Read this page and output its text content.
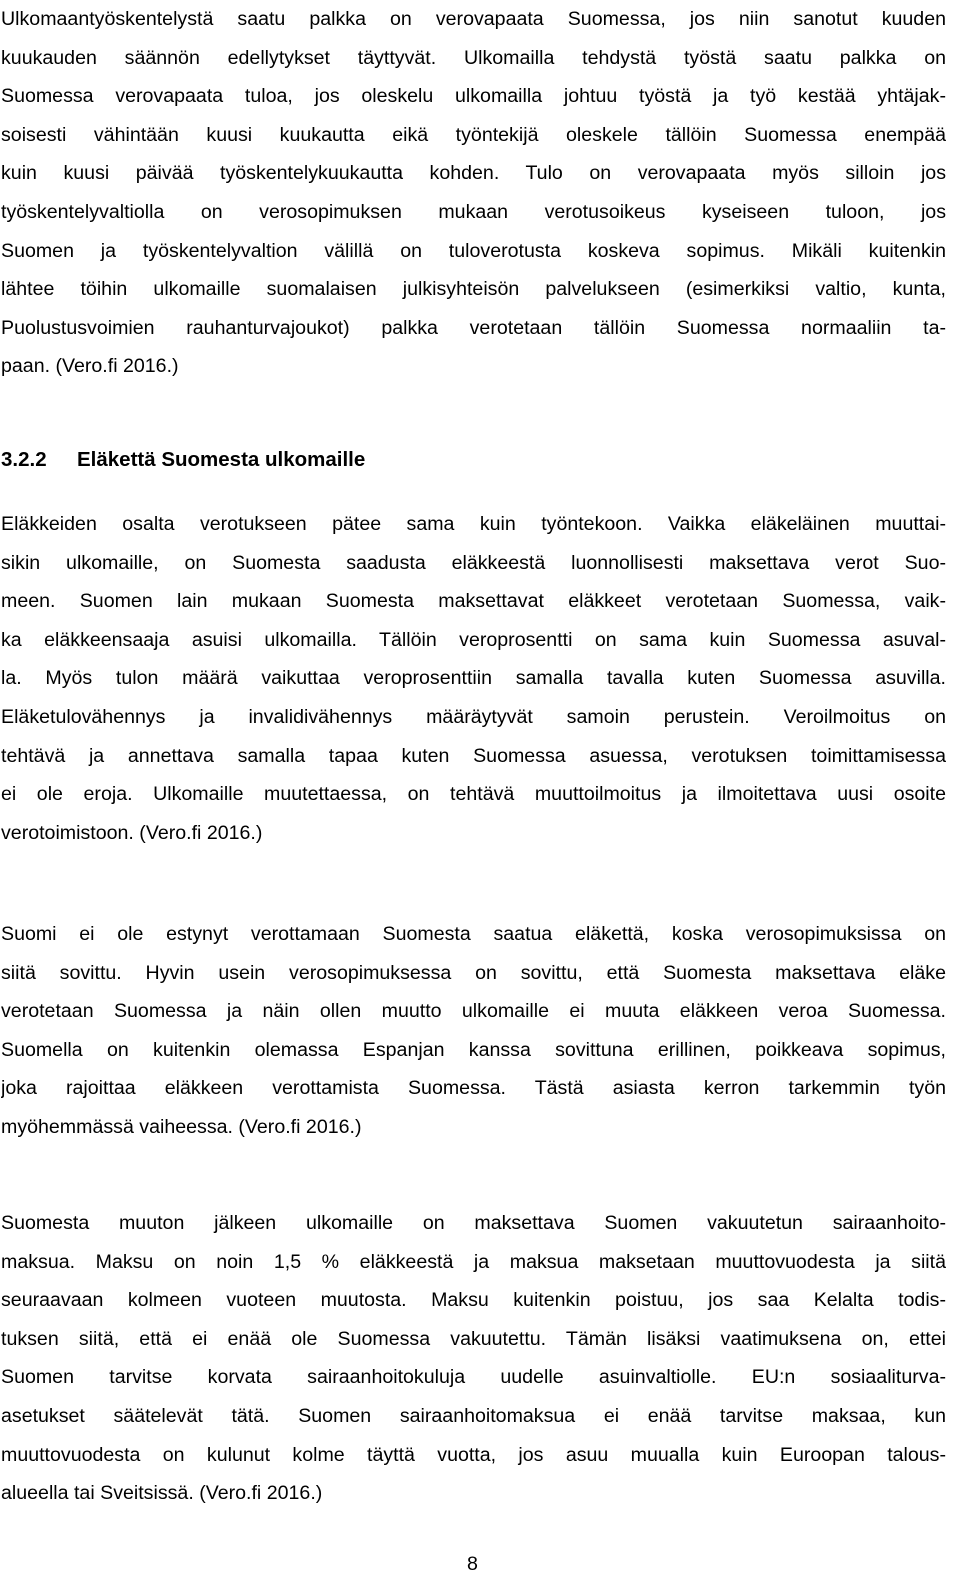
Ulkomaantyöskentelystä saatu palkka on verovapaata Suomessa, jos niin sanotut kuuden
kuukauden säännön edellytykset täyttyvät. Ulkomailla tehdystä työstä saatu palkka on
Suomessa verovapaata tuloa, jos oleskelu ulkomailla johtuu työstä ja työ kestää yhtäjak-
soisesti vähintään kuusi kuukautta eikä työntekijä oleskele tällöin Suomessa enempää
kuin kuusi päivää työskentelykuukautta kohden. Tulo on verovapaata myös silloin jos
työskentelyvaltiolla on verosopimuksen mukaan verotusoikeus kyseiseen tuloon, jos
Suomen ja työskentelyvaltion välillä on tuloverotusta koskeva sopimus. Mikäli kuitenkin
lähtee töihin ulkomaille suomalaisen julkisyhteisön palvelukseen (esimerkiksi valtio, kunta,
Puolustusvoimien rauhanturvajoukot) palkka verotetaan tällöin Suomessa normaaliin ta-
paan. (Vero.fi 2016.)
3.2.2 Eläkettä Suomesta ulkomaille
Eläkkeiden osalta verotukseen pätee sama kuin työntekoon. Vaikka eläkeläinen muuttai-
sikin ulkomaille, on Suomesta saadusta eläkkeestä luonnollisesti maksettava verot Suo-
meen. Suomen lain mukaan Suomesta maksettavat eläkkeet verotetaan Suomessa, vaik-
ka eläkkeensaaja asuisi ulkomailla. Tällöin veroprosentti on sama kuin Suomessa asuval-
la. Myös tulon määrä vaikuttaa veroprosenttiin samalla tavalla kuten Suomessa asuvilla.
Eläketulovähennys ja invalidivähennys määräytyvät samoin perustein. Veroilmoitus on
tehtävä ja annettava samalla tapaa kuten Suomessa asuessa, verotuksen toimittamisessa
ei ole eroja. Ulkomaille muutettaessa, on tehtävä muuttoilmoitus ja ilmoitettava uusi osoite
verotoimistoon. (Vero.fi 2016.)
Suomi ei ole estynyt verottamaan Suomesta saatua eläkettä, koska verosopimuksissa on
siitä sovittu. Hyvin usein verosopimuksessa on sovittu, että Suomesta maksettava eläke
verotetaan Suomessa ja näin ollen muutto ulkomaille ei muuta eläkkeen veroa Suomessa.
Suomella on kuitenkin olemassa Espanjan kanssa sovittuna erillinen, poikkeava sopimus,
joka rajoittaa eläkkeen verottamista Suomessa. Tästä asiasta kerron tarkemmin työn
myöhemmässä vaiheessa. (Vero.fi 2016.)
Suomesta muuton jälkeen ulkomaille on maksettava Suomen vakuutetun sairaanhoito-
maksua. Maksu on noin 1,5 % eläkkeestä ja maksua maksetaan muuttovuodesta ja siitä
seuraavaan kolmeen vuoteen muutosta. Maksu kuitenkin poistuu, jos saa Kelalta todis-
tuksen siitä, että ei enää ole Suomessa vakuutettu. Tämän lisäksi vaatimuksena on, ettei
Suomen tarvitse korvata sairaanhoitokuluja uudelle asuinvaltiolle. EU:n sosiaaliturva-
asetukset säätelevät tätä. Suomen sairaanhoitomaksua ei enää tarvitse maksaa, kun
muuttovuodesta on kulunut kolme täyttä vuotta, jos asuu muualla kuin Euroopan talous-
alueella tai Sveitsissä. (Vero.fi 2016.)
8
